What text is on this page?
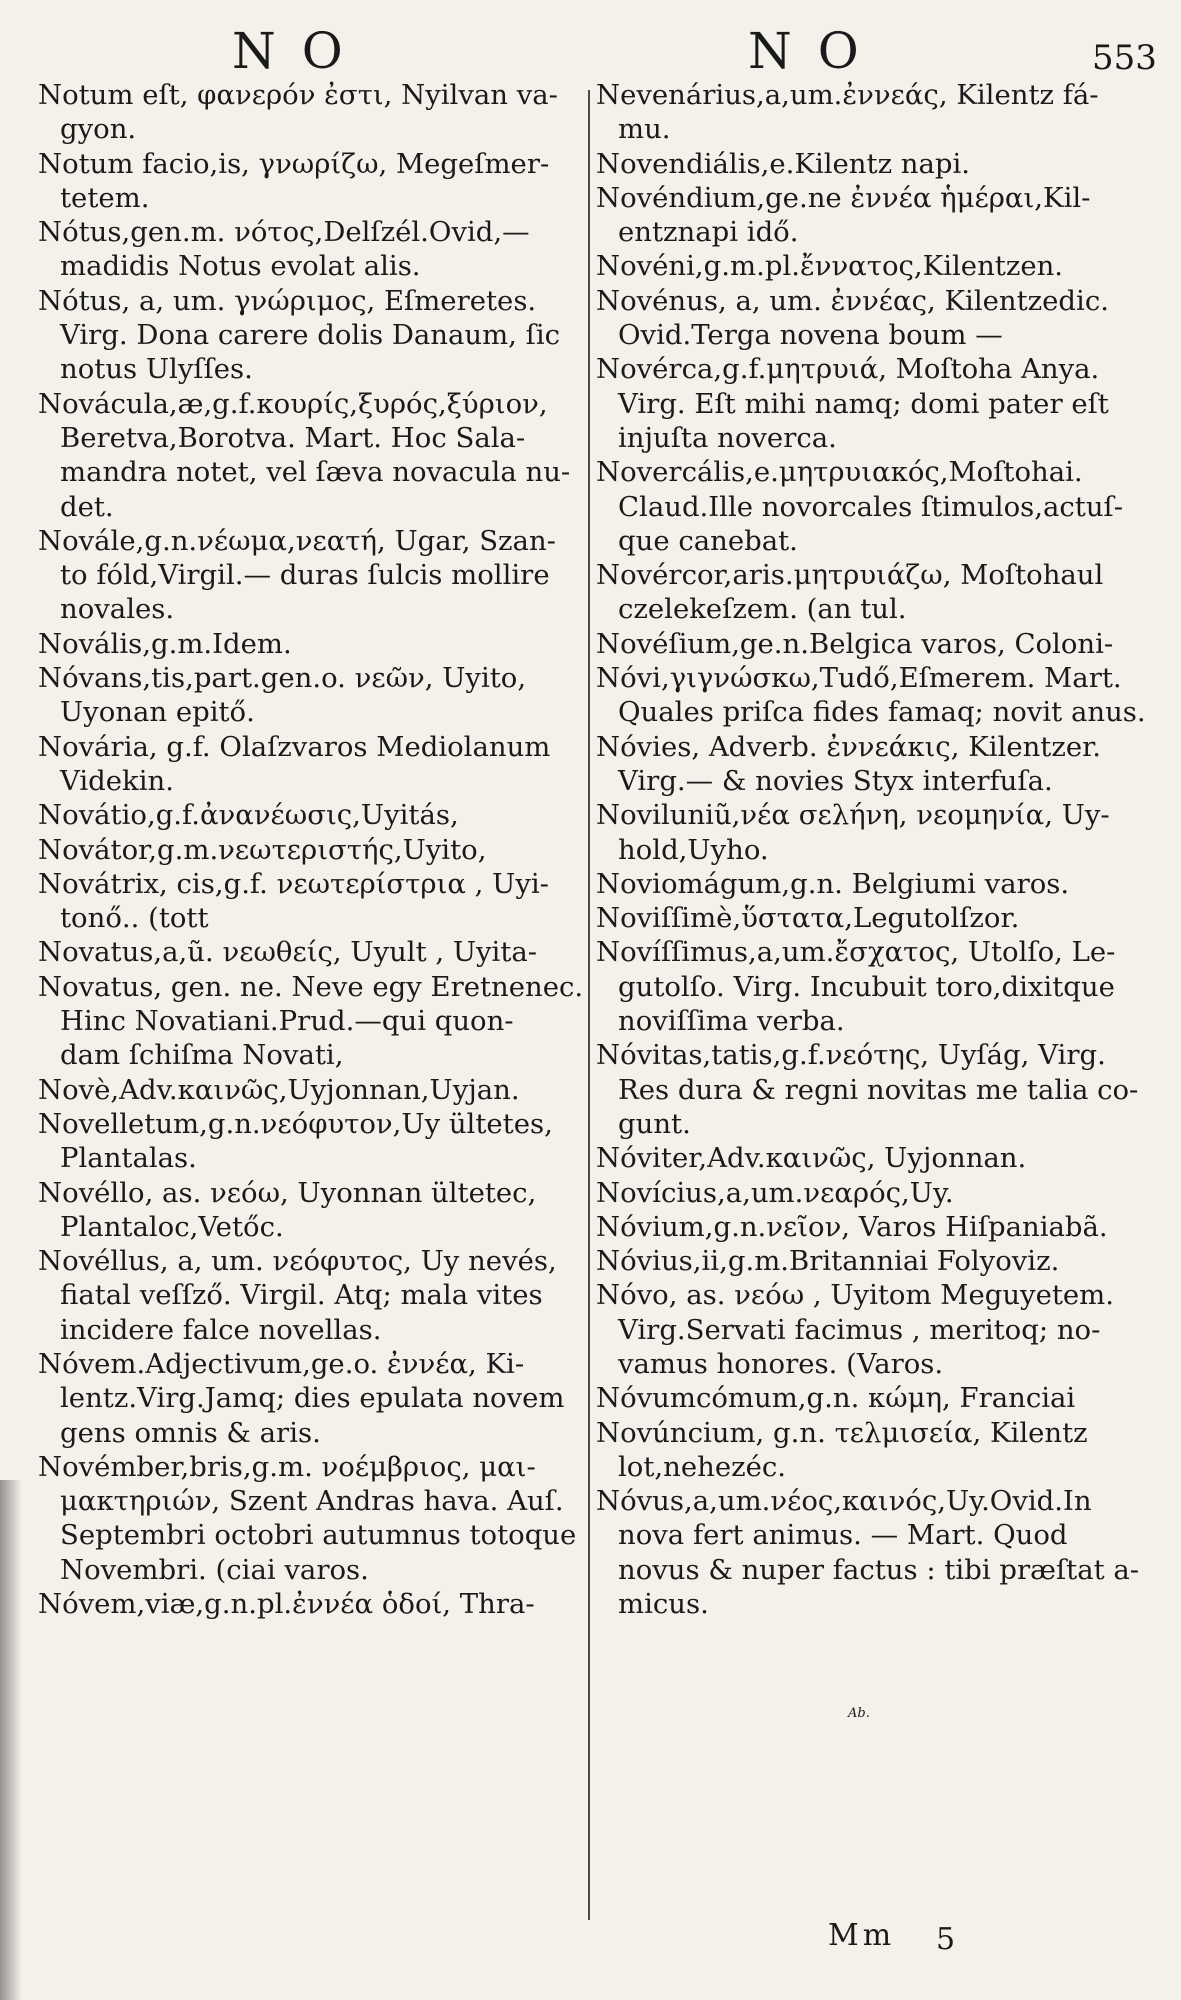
NO	NO	553
Notum eſt, φανερόν ἐστι, Nyilvan va-
gyon.
Notum facio,is, γνωρίζω, Megeſmer-
tetem.
Nótus,gen.m. νότος,Delſzél.Ovid,—
madidis Notus evolat alis.
Nótus, a, um. γνώριμος, Eſmeretes.
Virg. Dona carere dolis Danaum, ſic
notus Ulyſſes.
Novácula,æ,g.f.κουρίς,ξυρός,ξύριον,
Beretva,Borotva. Mart. Hoc Sala-
mandra notet, vel ſæva novacula nu-
det.
Novále,g.n.νέωμα,νεατή, Ugar, Szan-
to fóld,Virgil.— duras ſulcis mollire
novales.
Novális,g.m.Idem.
Nóvans,tis,part.gen.o. νεῶν, Uyito,
Uyonan epitő.
Novária, g.f. Olaſzvaros Mediolanum
Videkin.
Novátio,g.f.ἀνανέωσις,Uyitás,
Novátor,g.m.νεωτεριστής,Uyito,
Novátrix, cis,g.f. νεωτερίστρια , Uyi-
tonő.. (tott
Novatus,a,ũ. νεωθείς, Uyult , Uyita-
Novatus, gen. ne. Neve egy Eretnenec.
Hinc Novatiani.Prud.—qui quon-
dam ſchiſma Novati,
Novè,Adv.καινῶς,Uyjonnan,Uyjan.
Novelletum,g.n.νεόφυτον,Uy ültetes,
Plantalas.
Novéllo, as. νεόω, Uyonnan ültetec,
Plantaloc,Vetőc.
Novéllus, a, um. νεόφυτος, Uy nevés,
fiatal veſſző. Virgil. Atq; mala vites
incidere falce novellas.
Nóvem.Adjectivum,ge.o. ἐννέα, Ki-
lentz.Virg.Jamq; dies epulata novem
gens omnis & aris.
Novémber,bris,g.m. νοέμβριος, μαι-
μακτηριών, Szent Andras hava. Auſ.
Septembri octobri autumnus totoque
Novembri. (ciai varos.
Nóvem,viæ,g.n.pl.ἐννέα ὁδοί, Thra-
Nevenárius,a,um.ἐννεάς, Kilentz fá-
mu.
Novendiális,e.Kilentz napi.
Novéndium,ge.ne ἐννέα ἡμέραι,Kil-
entznapi idő.
Novéni,g.m.pl.ἔννατος,Kilentzen.
Novénus, a, um. ἐννέας, Kilentzedic.
Ovid.Terga novena boum —
Novérca,g.f.μητρυιά, Moſtoha Anya.
Virg. Eſt mihi namq; domi pater eſt
injuſta noverca.
Novercális,e.μητρυιακός,Moſtohai.
Claud.Ille novorcales ſtimulos,actuſ-
que canebat.
Novércor,aris.μητρυιάζω, Moſtohaul
czelekeſzem. (an tul.
Novéſium,ge.n.Belgica varos, Coloni-
Nóvi,γιγνώσκω,Tudő,Eſmerem. Mart.
Quales priſca fides famaq; novit anus.
Nóvies, Adverb. ἐννεάκις, Kilentzer.
Virg.— & novies Styx interfuſa.
Noviluniũ,νέα σελήνη, νεομηνία, Uy-
hold,Uyho.
Noviomágum,g.n. Belgiumi varos.
Noviſſimè,ὕστατα,Legutolſzor.
Novíſſimus,a,um.ἔσχατος, Utolſo, Le-
gutolſo. Virg. Incubuit toro,dixitque
noviſſima verba.
Nóvitas,tatis,g.f.νεότης, Uyſág, Virg.
Res dura & regni novitas me talia co-
gunt.
Nóviter,Adv.καινῶς, Uyjonnan.
Novícius,a,um.νεαρός,Uy.
Nóvium,g.n.νεῖον, Varos Hiſpaniabã.
Nóvius,ii,g.m.Britanniai Folyoviz.
Nóvo, as. νεόω , Uyitom Meguyetem.
Virg.Servati facimus , meritoq; no-
vamus honores. (Varos.
Nóvumcómum,g.n. κώμη, Franciai
Novúncium, g.n. τελμισεία, Kilentz
lot,nehezéc.
Nóvus,a,um.νέος,καινός,Uy.Ovid.In
nova fert animus. — Mart. Quod
novus & nuper factus : tibi præſtat a-
micus.
Ab.
Mm 5
